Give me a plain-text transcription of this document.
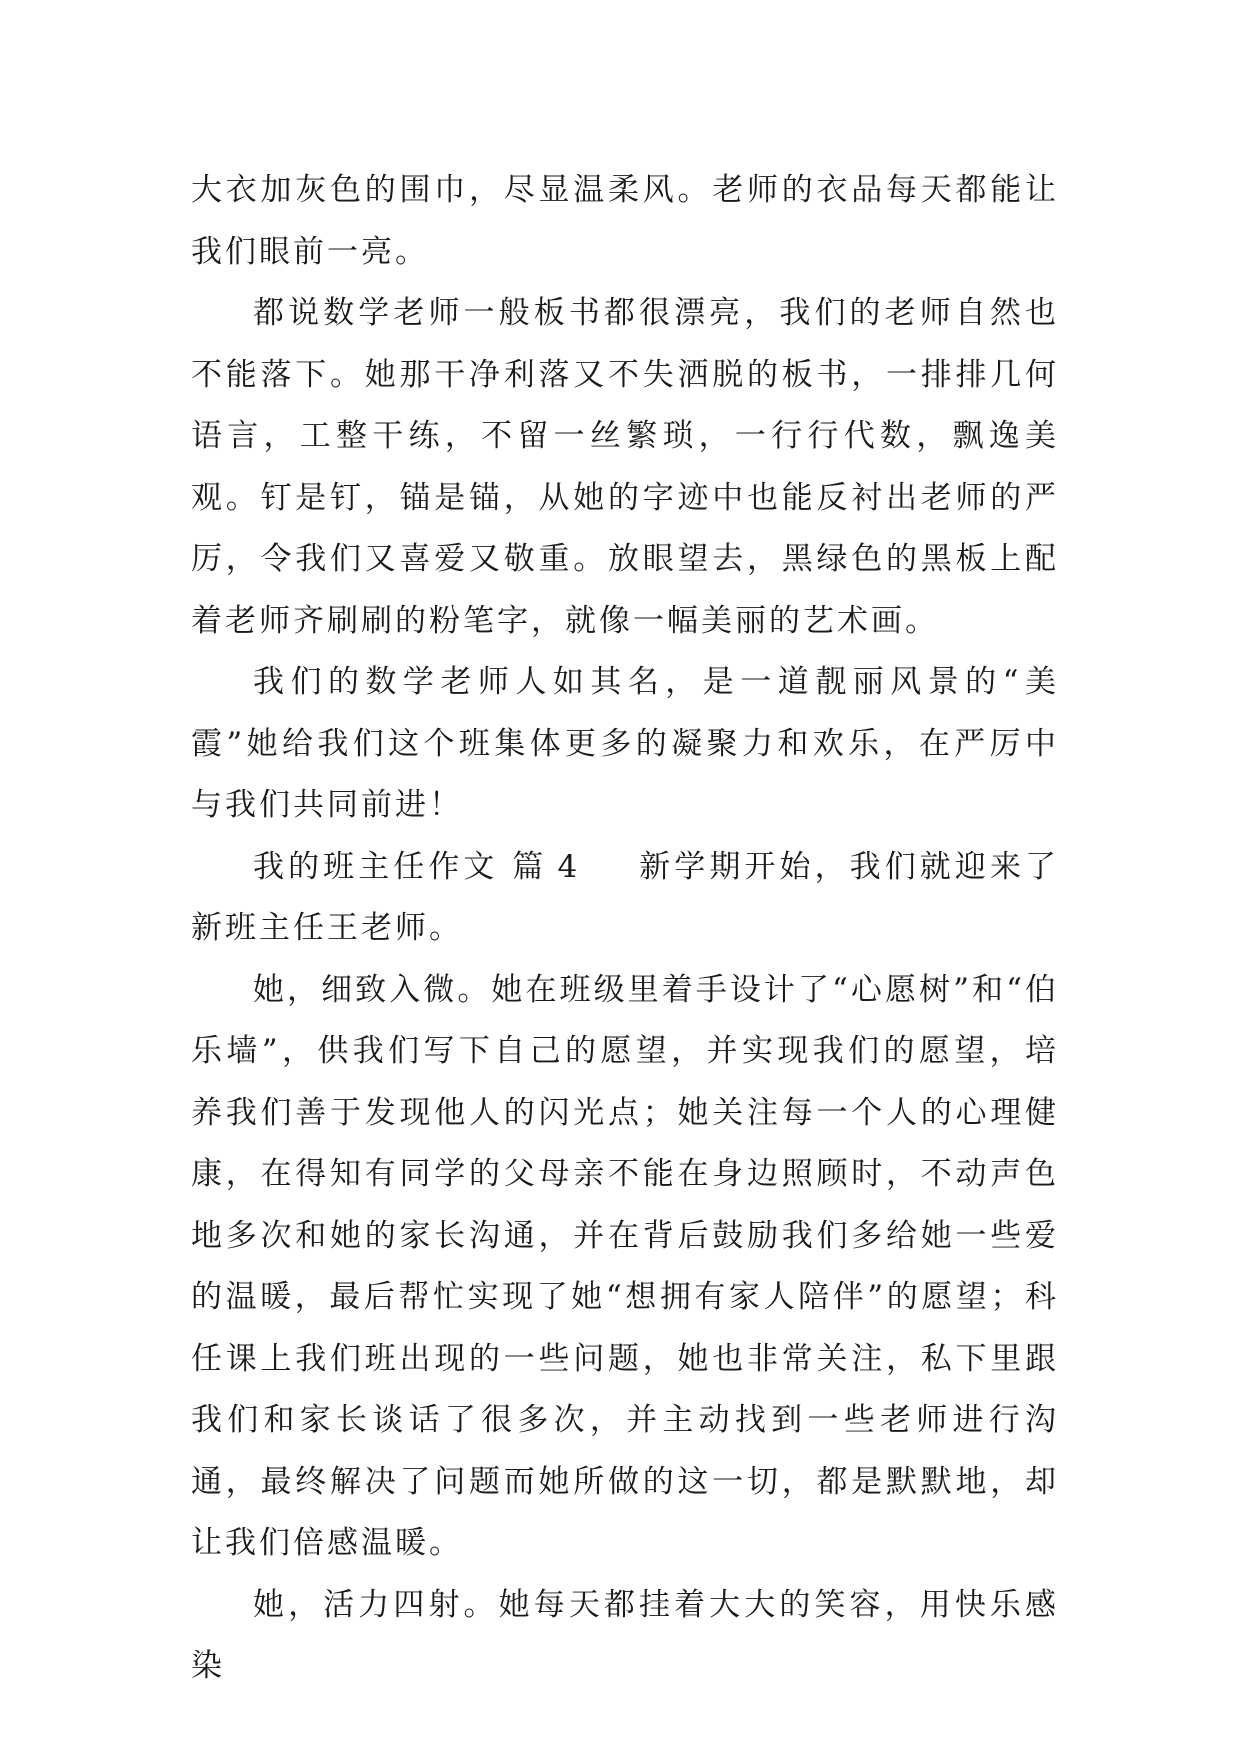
大衣加灰色的围巾，尽显温柔风。老师的衣品每天都能让我们眼前一亮。

都说数学老师一般板书都很漂亮，我们的老师自然也不能落下。她那干净利落又不失洒脱的板书，一排排几何语言，工整干练，不留一丝繁琐，一行行代数，飘逸美观。钉是钉，锚是锚，从她的字迹中也能反衬出老师的严厉，令我们又喜爱又敬重。放眼望去，黑绿色的黑板上配着老师齐刷刷的粉笔字，就像一幅美丽的艺术画。

我们的数学老师人如其名，是一道靓丽风景的“美霞”她给我们这个班集体更多的凝聚力和欢乐，在严厉中与我们共同前进！

我的班主任作文 篇 4 新学期开始，我们就迎来了新班主任王老师。

她，细致入微。她在班级里着手设计了“心愿树”和“伯乐墙”，供我们写下自己的愿望，并实现我们的愿望，培养我们善于发现他人的闪光点；她关注每一个人的心理健康，在得知有同学的父母亲不能在身边照顾时，不动声色地多次和她的家长沟通，并在背后鼓励我们多给她一些爱的温暖，最后帮忙实现了她“想拥有家人陪伴”的愿望；科任课上我们班出现的一些问题，她也非常关注，私下里跟我们和家长谈话了很多次，并主动找到一些老师进行沟通，最终解决了问题而她所做的这一切，都是默默地，却让我们倍感温暖。

她，活力四射。她每天都挂着大大的笑容，用快乐感染
